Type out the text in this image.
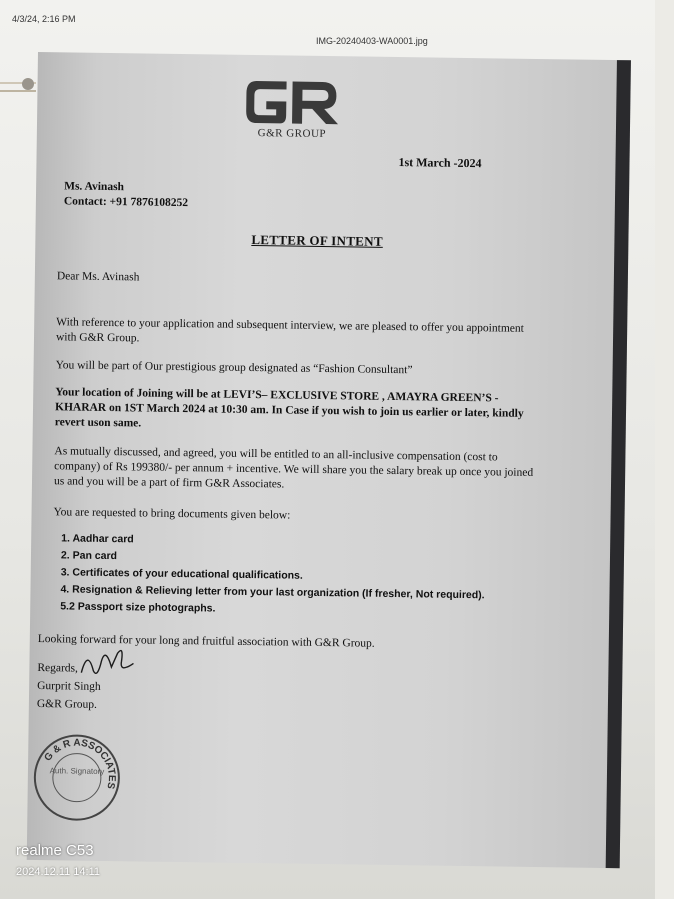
4/3/24, 2:16 PM
IMG-20240403-WA0001.jpg
G&R GROUP
1st March -2024
Ms. Avinash
Contact: +91 7876108252
LETTER OF INTENT
Dear Ms. Avinash
With reference to your application and subsequent interview, we are pleased to offer you appointment with G&R Group.
You will be part of Our prestigious group designated as “Fashion Consultant”
Your location of Joining will be at LEVI’S– EXCLUSIVE STORE , AMAYRA GREEN’S - KHARAR on 1ST March 2024 at 10:30 am. In Case if you wish to join us earlier or later, kindly revert uson same.
As mutually discussed, and agreed, you will be entitled to an all-inclusive compensation (cost to company) of Rs 199380/- per annum + incentive. We will share you the salary break up once you joined us and you will be a part of firm G&R Associates.
You are requested to bring documents given below:
1. Aadhar card
2. Pan card
3. Certificates of your educational qualifications.
4. Resignation & Relieving letter from your last organization (If fresher, Not required).
5.2 Passport size photographs.
Looking forward for your long and fruitful association with G&R Group.
Regards,
Gurprit Singh
G&R Group.
G & R ASSOCIATES
Auth. Signatory
realme C53
2024.12.11 14:11
